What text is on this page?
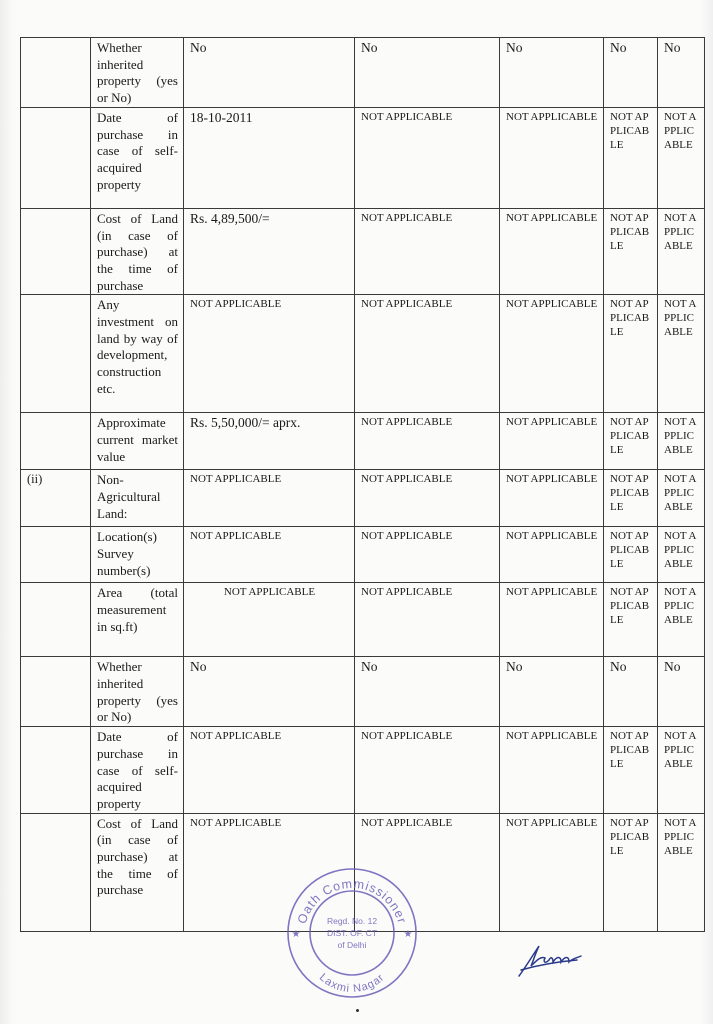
	Whether inherited property (yes or No)	No	No	No	No	No
	Date of purchase in case of self-acquired property	18-10-2011	NOT APPLICABLE	NOT APPLICABLE	NOT APPLICABLE	NOT APPLICABLE
	Cost of Land (in case of purchase) at the time of purchase	Rs. 4,89,500/=	NOT APPLICABLE	NOT APPLICABLE	NOT APPLICABLE	NOT APPLICABLE
	Any investment on land by way of development, construction etc.	NOT APPLICABLE	NOT APPLICABLE	NOT APPLICABLE	NOT APPLICABLE	NOT APPLICABLE
	Approximate current market value	Rs. 5,50,000/= aprx.	NOT APPLICABLE	NOT APPLICABLE	NOT APPLICABLE	NOT APPLICABLE
(ii)	Non-Agricultural Land:	NOT APPLICABLE	NOT APPLICABLE	NOT APPLICABLE	NOT APPLICABLE	NOT APPLICABLE
	Location(s) Survey number(s)	NOT APPLICABLE	NOT APPLICABLE	NOT APPLICABLE	NOT APPLICABLE	NOT APPLICABLE
	Area (total measurement in sq.ft)	NOT APPLICABLE	NOT APPLICABLE	NOT APPLICABLE	NOT APPLICABLE	NOT APPLICABLE
	Whether inherited property (yes or No)	No	No	No	No	No
	Date of purchase in case of self-acquired property	NOT APPLICABLE	NOT APPLICABLE	NOT APPLICABLE	NOT APPLICABLE	NOT APPLICABLE
	Cost of Land (in case of purchase) at the time of purchase	NOT APPLICABLE	NOT APPLICABLE	NOT APPLICABLE	NOT APPLICABLE	NOT APPLICABLE
Oath Commissioner
Laxmi Nagar
Regd. No. 12
DIST. OF. CT
of Delhi
★	★
